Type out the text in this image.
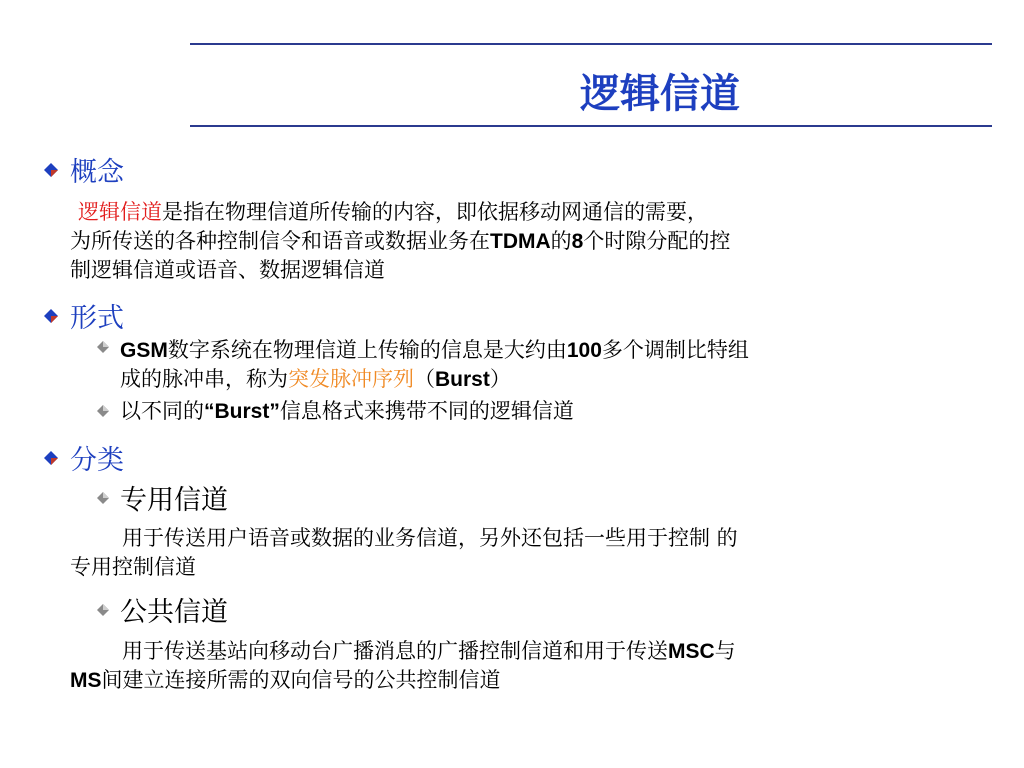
逻辑信道
概念
逻辑信道是指在物理信道所传输的内容，即依据移动网通信的需要，
为所传送的各种控制信令和语音或数据业务在TDMA的8个时隙分配的控
制逻辑信道或语音、数据逻辑信道
形式
GSM数字系统在物理信道上传输的信息是大约由100多个调制比特组
成的脉冲串，称为突发脉冲序列（Burst）
以不同的“Burst”信息格式来携带不同的逻辑信道
分类
专用信道
用于传送用户语音或数据的业务信道，另外还包括一些用于控制 的
专用控制信道
公共信道
用于传送基站向移动台广播消息的广播控制信道和用于传送MSC与
MS间建立连接所需的双向信号的公共控制信道
